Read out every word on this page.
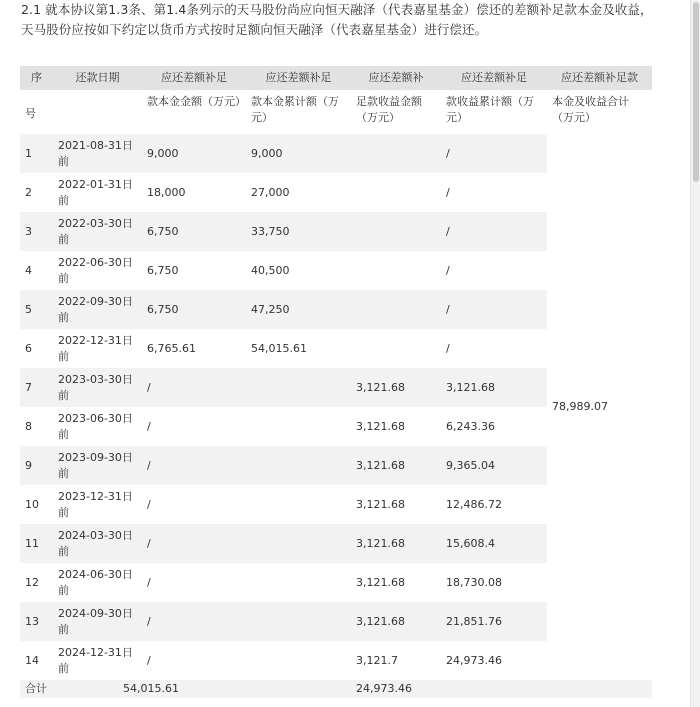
2.1 就本协议第1.3条、第1.4条列示的天马股份尚应向恒天融泽（代表嘉星基金）偿还的差额补足款本金及收益，天马股份应按如下约定以货币方式按时足额向恒天融泽（代表嘉星基金）进行偿还。
序	还款日期	应还差额补足	应还差额补足	应还差额补	应还差额补足	应还差额补足款
号		款本金金额（万元）	款本金累计额（万元）	足款收益金额（万元）	款收益累计额（万元）	本金及收益合计（万元）
1	2021-08-31日前	9,000	9,000		/	78,989.07
2	2022-01-31日前	18,000	27,000		/	
3	2022-03-30日前	6,750	33,750		/	
4	2022-06-30日前	6,750	40,500		/	
5	2022-09-30日前	6,750	47,250		/	
6	2022-12-31日前	6,765.61	54,015.61		/	
7	2023-03-30日前	/		3,121.68	3,121.68	
8	2023-06-30日前	/		3,121.68	6,243.36	
9	2023-09-30日前	/		3,121.68	9,365.04	
10	2023-12-31日前	/		3,121.68	12,486.72	
11	2024-03-30日前	/		3,121.68	15,608.4	
12	2024-06-30日前	/		3,121.68	18,730.08	
13	2024-09-30日前	/		3,121.68	21,851.76	
14	2024-12-31日前	/		3,121.7	24,973.46	
合计		54,015.61		24,973.46		
